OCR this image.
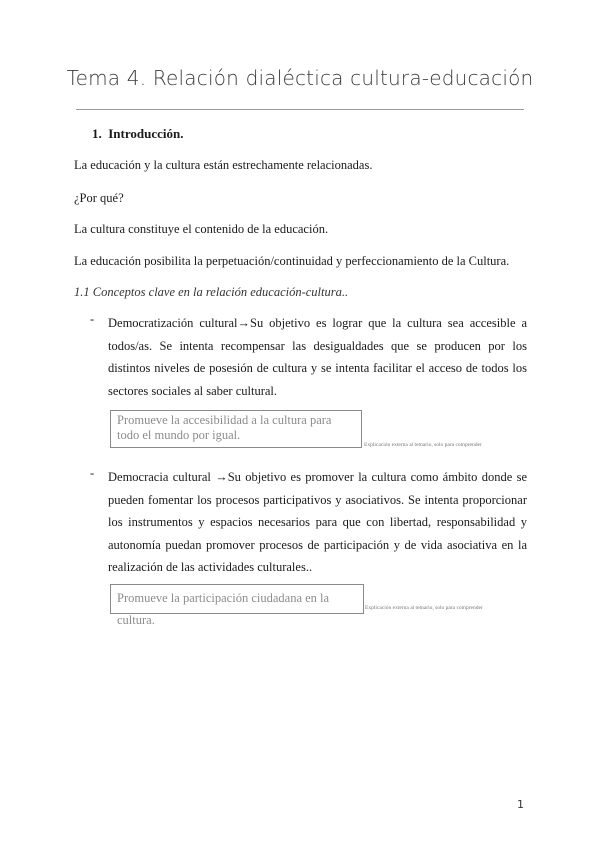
Tema 4. Relación dialéctica cultura-educación
1. Introducción.
La educación y la cultura están estrechamente relacionadas.
¿Por qué?
La cultura constituye el contenido de la educación.
La educación posibilita la perpetuación/continuidad y perfeccionamiento de la Cultura.
1.1 Conceptos clave en la relación educación-cultura..
- Democratización cultural→Su objetivo es lograr que la cultura sea accesible a todos/as. Se intenta recompensar las desigualdades que se producen por los distintos niveles de posesión de cultura y se intenta facilitar el acceso de todos los sectores sociales al saber cultural.
Promueve la accesibilidad a la cultura para todo el mundo por igual.
Explicación externa al temario, solo para comprender
- Democracia cultural →Su objetivo es promover la cultura como ámbito donde se pueden fomentar los procesos participativos y asociativos. Se intenta proporcionar los instrumentos y espacios necesarios para que con libertad, responsabilidad y autonomía puedan promover procesos de participación y de vida asociativa en la realización de las actividades culturales..
Promueve la participación ciudadana en la cultura.
Explicación externa al temario, solo para comprender
1
